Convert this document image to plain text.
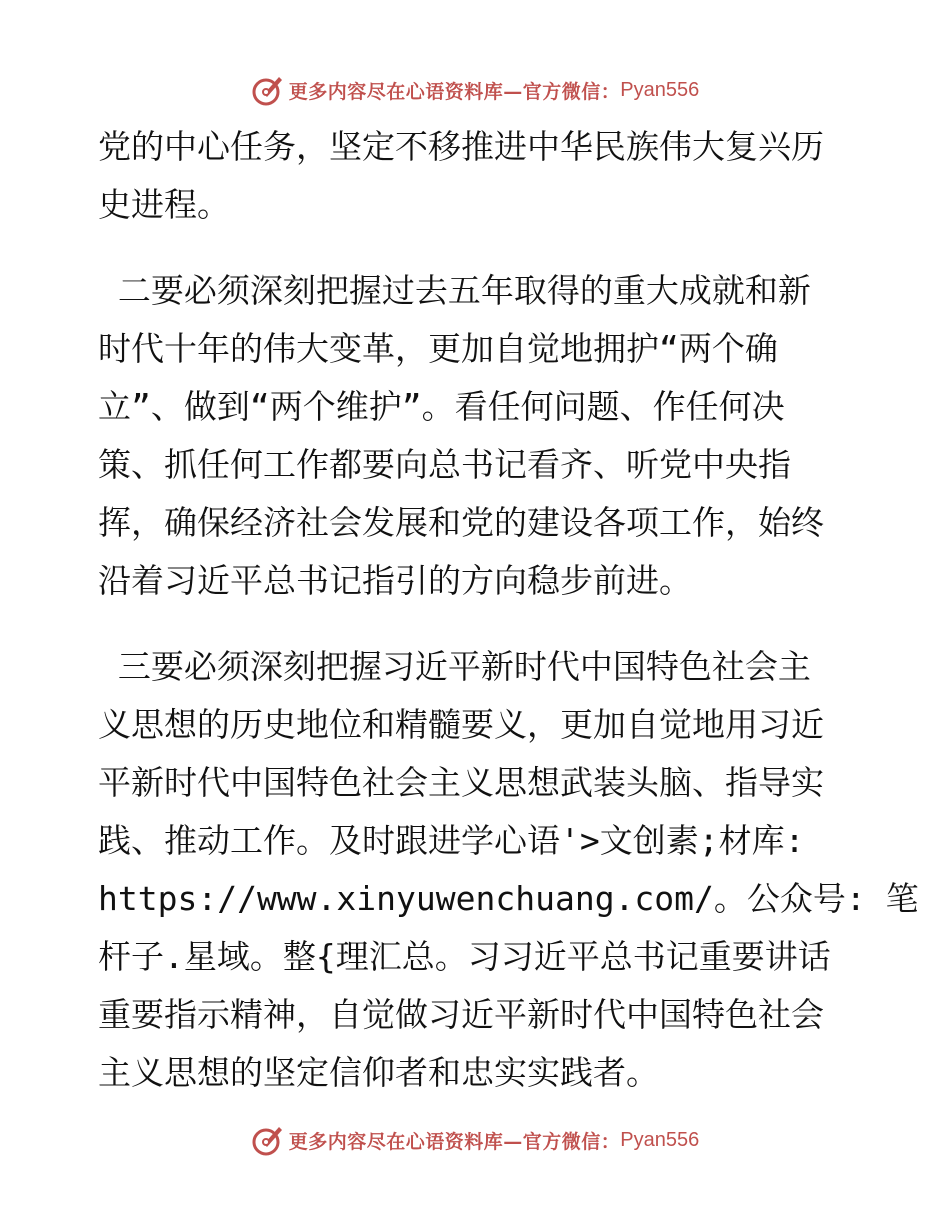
更多内容尽在心语资料库—官方微信： Pyan556
党的中心任务，坚定不移推进中华民族伟大复兴历
史进程。
二要必须深刻把握过去五年取得的重大成就和新
时代十年的伟大变革，更加自觉地拥护“两个确
立”、做到“两个维护”。看任何问题、作任何决
策、抓任何工作都要向总书记看齐、听党中央指
挥，确保经济社会发展和党的建设各项工作，始终
沿着习近平总书记指引的方向稳步前进。
三要必须深刻把握习近平新时代中国特色社会主
义思想的历史地位和精髓要义，更加自觉地用习近
平新时代中国特色社会主义思想武装头脑、指导实
践、推动工作。及时跟进学心语'>文创素;材库:
https://www.xinyuwenchuang.com/。公众号: 笔
杆子.星域。整{理汇总。习习近平总书记重要讲话
重要指示精神，自觉做习近平新时代中国特色社会
主义思想的坚定信仰者和忠实实践者。
更多内容尽在心语资料库—官方微信： Pyan556
